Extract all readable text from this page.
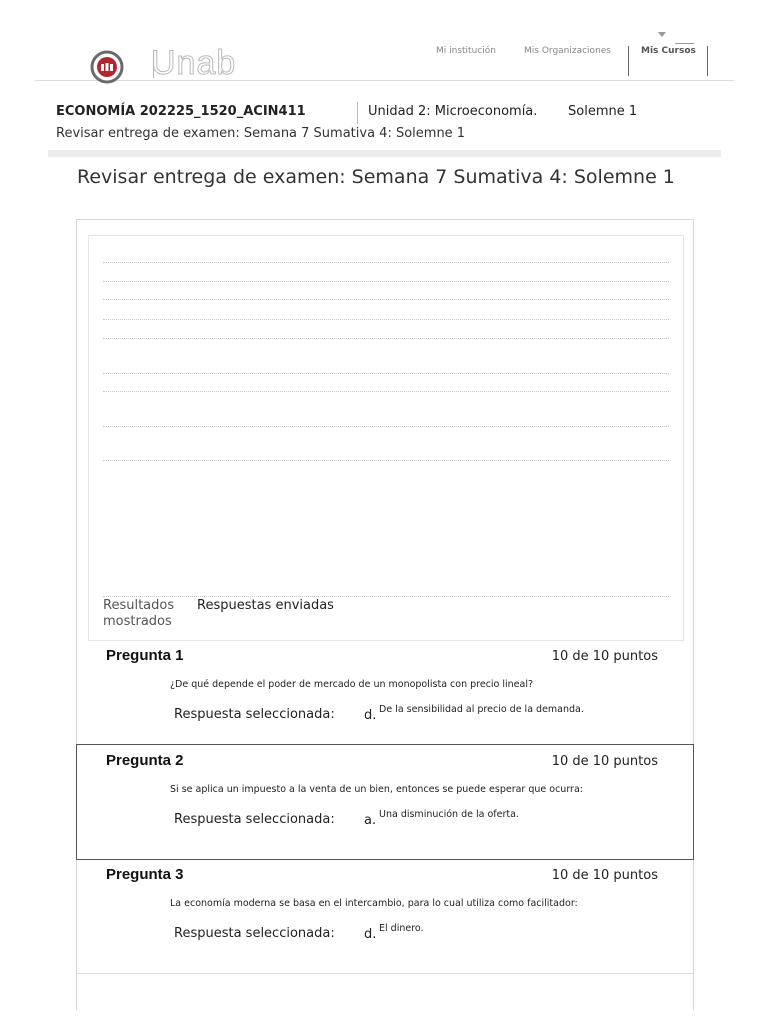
Unab	Mi institución	Mis Organizaciones	Mis Cursos
ECONOMÍA 202225_1520_ACIN411	Unidad 2: Microeconomía. Solemne 1
Revisar entrega de examen: Semana 7 Sumativa 4: Solemne 1
Revisar entrega de examen: Semana 7 Sumativa 4: Solemne 1
Resultados mostrados
Respuestas enviadas
Pregunta 1	10 de 10 puntos
¿De qué depende el poder de mercado de un monopolista con precio lineal?
Respuesta seleccionada: d. De la sensibilidad al precio de la demanda.
Pregunta 2	10 de 10 puntos
Si se aplica un impuesto a la venta de un bien, entonces se puede esperar que ocurra:
Respuesta seleccionada: a. Una disminución de la oferta.
Pregunta 3	10 de 10 puntos
La economía moderna se basa en el intercambio, para lo cual utiliza como facilitador:
Respuesta seleccionada: d. El dinero.
